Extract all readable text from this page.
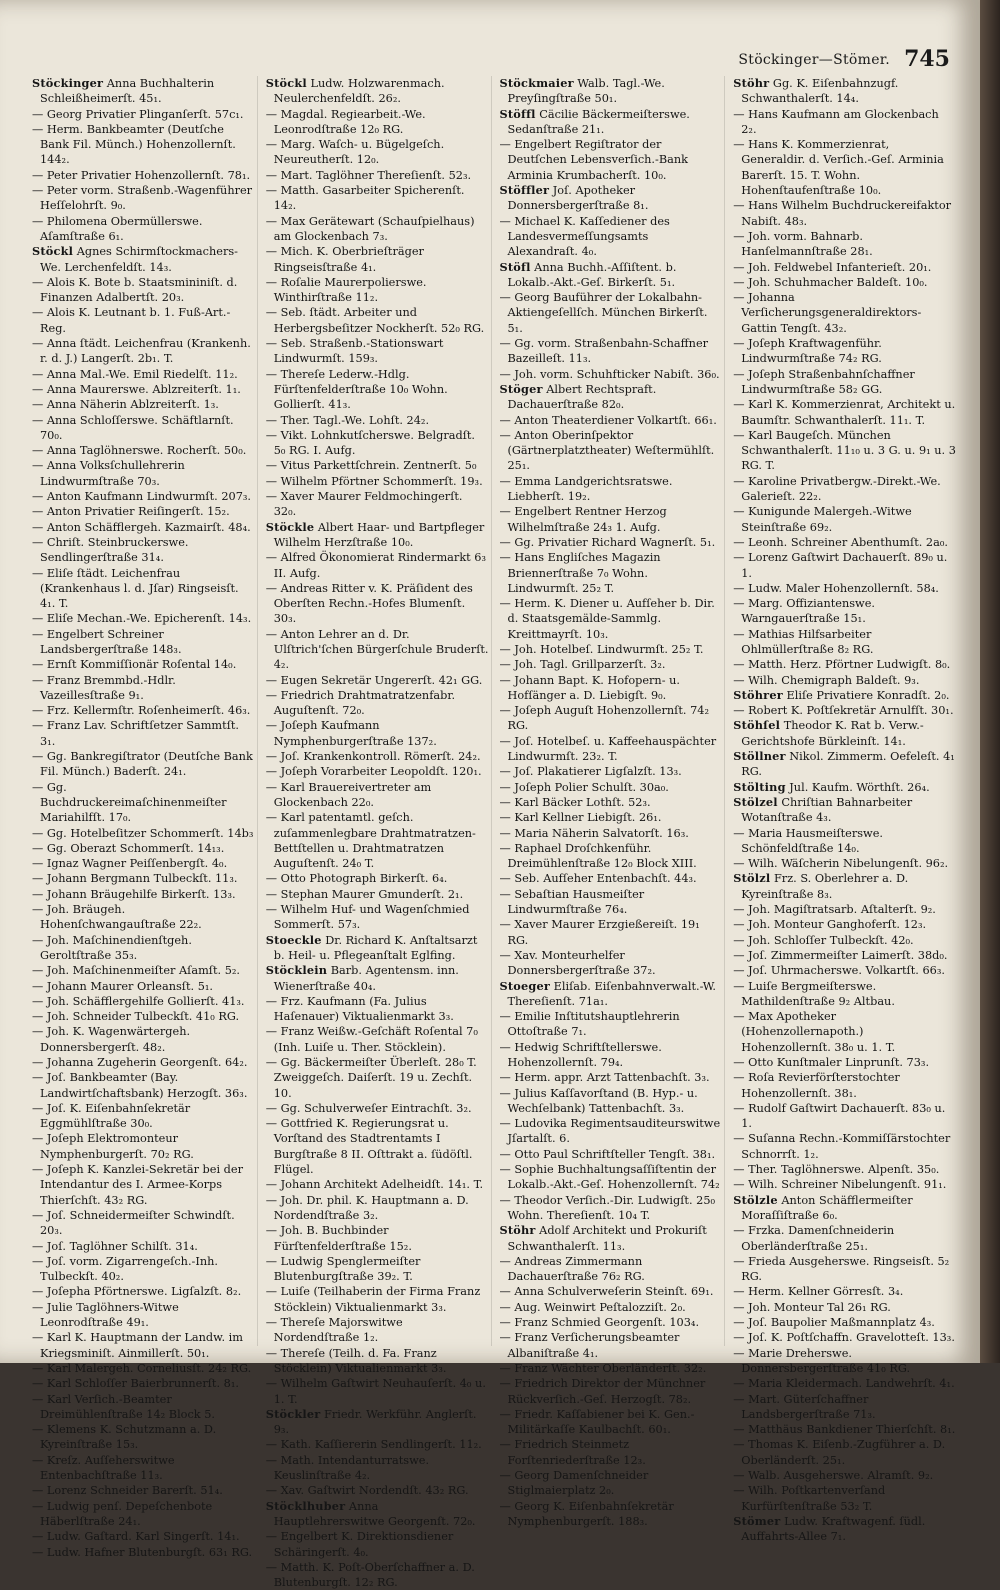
Stöckinger—Stömer. 745

Stöckinger Anna Buchhalterin Schleißheimerſt. 45₁.

— Georg Privatier Plinganſerſt. 57c₁.

— Herm. Bankbeamter (Deutſche Bank Fil. Münch.) Hohenzollernſt. 144₂.

— Peter Privatier Hohenzollernſt. 78₁.

— Peter vorm. Straßenb.-Wagenführer Heſſelohrſt. 9₀.

— Philomena Obermüllerswe. Aſamſtraße 6₁.

Stöckl Agnes Schirmſtockmachers-We. Lerchenfeldſt. 14₃.

— Alois K. Bote b. Staatsmininiſt. d. Finanzen Adalbertſt. 20₃.

— Alois K. Leutnant b. 1. Fuß-Art.-Reg.

— Anna ſtädt. Leichenfrau (Krankenh. r. d. J.) Langerſt. 2b₁. T.

— Anna Mal.-We. Emil Riedelſt. 11₂.

— Anna Maurerswe. Ablzreiterſt. 1₁.

— Anna Näherin Ablzreiterſt. 1₃.

— Anna Schloſſerswe. Schäftlarnſt. 70₀.

— Anna Taglöhnerswe. Rocherſt. 50₀.

— Anna Volksſchullehrerin Lindwurmſtraße 70₃.

— Anton Kaufmann Lindwurmſt. 207₃.

— Anton Privatier Reiſingerſt. 15₂.

— Anton Schäfflergeh. Kazmairſt. 48₄.

— Chriſt. Steinbruckerswe. Sendlingerſtraße 31₄.

— Eliſe ſtädt. Leichenfrau (Krankenhaus l. d. Jſar) Ringseisſt. 4₁. T.

— Eliſe Mechan.-We. Epicherenſt. 14₃.

— Engelbert Schreiner Landsbergerſtraße 148₃.

— Ernſt Kommiſſionär Roſental 14₀.

— Franz Bremmbd.-Hdlr. Vazeillesſtraße 9₁.

— Frz. Kellermſtr. Roſenheimerſt. 46₃.

— Franz Lav. Schriftſetzer Sammtſt. 3₁.

— Gg. Bankregiſtrator (Deutſche Bank Fil. Münch.) Baderſt. 24₁.

— Gg. Buchdruckereimaſchinenmeiſter Mariahilfſt. 17₀.

— Gg. Hotelbeſitzer Schommerſt. 14b₃

— Gg. Oberazt Schommerſt. 14₁₃.

— Ignaz Wagner Peiſſenbergſt. 4₀.

— Johann Bergmann Tulbeckſt. 11₃.

— Johann Bräugehilfe Birkerſt. 13₃.

— Joh. Bräugeh. Hohenſchwangauſtraße 22₂.

— Joh. Maſchinendienſtgeh. Geroltſtraße 35₃.

— Joh. Maſchinenmeiſter Aſamſt. 5₂.

— Johann Maurer Orleansſt. 5₁.

— Joh. Schäfflergehilfe Gollierſt. 41₃.

— Joh. Schneider Tulbeckſt. 41₀ RG.

— Joh. K. Wagenwärtergeh. Donnersbergerſt. 48₂.

— Johanna Zugeherin Georgenſt. 64₂.

— Joſ. Bankbeamter (Bay. Landwirtſchaftsbank) Herzogſt. 36₃.

— Joſ. K. Eiſenbahnſekretär Eggmühlſtraße 30₀.

— Joſeph Elektromonteur Nymphenburgerſt. 70₂ RG.

— Joſeph K. Kanzlei-Sekretär bei der Intendantur des I. Armee-Korps Thierſchſt. 43₂ RG.

— Joſ. Schneidermeiſter Schwindſt. 20₃.

— Joſ. Taglöhner Schilſt. 31₄.

— Joſ. vorm. Zigarrengeſch.-Inh. Tulbeckſt. 40₂.

— Joſepha Pförtnerswe. Ligſalzſt. 8₂.

— Julie Taglöhners-Witwe Leonrodſtraße 49₁.

— Karl K. Hauptmann der Landw. im Kriegsminiſt. Ainmillerſt. 50₁.

— Karl Malergeh. Corneliusſt. 24₂ RG.

— Karl Schloſſer Baierbrunnerſt. 8₁.

— Karl Verſich.-Beamter Dreimühlenſtraße 14₂ Block 5.

— Klemens K. Schutzmann a. D. Kyreinſtraße 15₃.

— Kreſz. Auſſeherswitwe Entenbachſtraße 11₃.

— Lorenz Schneider Barerſt. 51₄.

— Ludwig penſ. Depeſchenbote Häberlſtraße 24₁.

— Ludw. Gaſtard. Karl Singerſt. 14₁.

— Ludw. Hafner Blutenburgſt. 63₁ RG.

Stöckl Ludw. Holzwarenmach. Neulerchenfeldſt. 26₂.

— Magdal. Regiearbeit.-We. Leonrodſtraße 12₀ RG.

— Marg. Waſch- u. Bügelgeſch. Neureutherſt. 12₀.

— Mart. Taglöhner Thereſienſt. 52₃.

— Matth. Gasarbeiter Spicherenſt. 14₂.

— Max Gerätewart (Schauſpielhaus) am Glockenbach 7₃.

— Mich. K. Oberbrieſträger Ringseisſtraße 4₁.

— Roſalie Maurerpolierswe. Winthirſtraße 11₂.

— Seb. ſtädt. Arbeiter und Herbergsbeſitzer Nockherſt. 52₀ RG.

— Seb. Straßenb.-Stationswart Lindwurmſt. 159₃.

— Thereſe Lederw.-Hdlg. Fürſtenfelderſtraße 10₀ Wohn. Gollierſt. 41₃.

— Ther. Tagl.-We. Lohſt. 24₂.

— Vikt. Lohnkutſcherswe. Belgradſt. 5₀ RG. I. Aufg.

— Vitus Parkettſchrein. Zentnerſt. 5₀

— Wilhelm Pförtner Schommerſt. 19₃.

— Xaver Maurer Feldmochingerſt. 32₀.

Stöckle Albert Haar- und Bartpfleger Wilhelm Herzſtraße 10₀.

— Alfred Ökonomierat Rindermarkt 6₃ II. Aufg.

— Andreas Ritter v. K. Präſident des Oberſten Rechn.-Hofes Blumenſt. 30₃.

— Anton Lehrer an d. Dr. Ulſtrich'ſchen Bürgerſchule Bruderſt. 4₂.

— Eugen Sekretär Ungererſt. 42₁ GG.

— Friedrich Drahtmatratzenfabr. Auguſtenſt. 72₀.

— Joſeph Kaufmann Nymphenburgerſtraße 137₂.

— Joſ. Krankenkontroll. Römerſt. 24₂.

— Joſeph Vorarbeiter Leopoldſt. 120₁.

— Karl Brauereivertreter am Glockenbach 22₀.

— Karl patentamtl. geſch. zuſammenlegbare Drahtmatratzen-Bettſtellen u. Drahtmatratzen Auguſtenſt. 24₀ T.

— Otto Photograph Birkerſt. 6₄.

— Stephan Maurer Gmunderſt. 2₁.

— Wilhelm Huf- und Wagenſchmied Sommerſt. 57₃.

Stoeckle Dr. Richard K. Anſtaltsarzt b. Heil- u. Pflegeanſtalt Eglfing.

Stöcklein Barb. Agentensm. inn. Wienerſtraße 40₄.

— Frz. Kaufmann (Fa. Julius Haſenauer) Viktualienmarkt 3₃.

— Franz Weißw.-Geſchäft Roſental 7₀ (Inh. Luiſe u. Ther. Stöcklein).

— Gg. Bäckermeiſter Überleſt. 28₀ T. Zweiggeſch. Daiſerſt. 19 u. Zechſt. 10.

— Gg. Schulverweſer Eintrachſt. 3₂.

— Gottfried K. Regierungsrat u. Vorſtand des Stadtrentamts I Burgſtraße 8 II. Oſttrakt a. ſüdöſtl. Flügel.

— Johann Architekt Adelheidſt. 14₁. T.

— Joh. Dr. phil. K. Hauptmann a. D. Nordendſtraße 3₂.

— Joh. B. Buchbinder Fürſtenfelderſtraße 15₂.

— Ludwig Spenglermeiſter Blutenburgſtraße 39₂. T.

— Luiſe (Teilhaberin der Firma Franz Stöcklein) Viktualienmarkt 3₃.

— Thereſe Majorswitwe Nordendſtraße 1₂.

— Thereſe (Teilh. d. Fa. Franz Stöcklein) Viktualienmarkt 3₃.

— Wilhelm Gaſtwirt Neuhauſerſt. 4₀ u. 1. T.

Stöckler Friedr. Werkführ. Anglerſt. 9₃.

— Kath. Kaſſiererin Sendlingerſt. 11₂.

— Math. Intendanturratswe. Keuslinſtraße 4₂.

— Xav. Gaſtwirt Nordendſt. 43₂ RG.

Stöcklhuber Anna Hauptlehrerswitwe Georgenſt. 72₀.

— Engelbert K. Direktionsdiener Schäringerſt. 4₀.

— Matth. K. Poſt-Oberſchaffner a. D. Blutenburgſt. 12₂ RG.

Stöckmaier Walb. Tagl.-We. Preyſingſtraße 50₁.

Stöffl Cäcilie Bäckermeiſterswe. Sedanſtraße 21₁.

— Engelbert Regiſtrator der Deutſchen Lebensverſich.-Bank Arminia Krumbacherſt. 10₀.

Stöffler Joſ. Apotheker Donnersbergerſtraße 8₁.

— Michael K. Kaſſediener des Landesvermeſſungsamts Alexandraſt. 4₀.

Stöfl Anna Buchh.-Aſſiſtent. b. Lokalb.-Akt.-Geſ. Birkerſt. 5₁.

— Georg Bauführer der Lokalbahn-Aktiengeſellſch. München Birkerſt. 5₁.

— Gg. vorm. Straßenbahn-Schaffner Bazeilleſt. 11₃.

— Joh. vorm. Schuhfticker Nabiſt. 36₀.

Stöger Albert Rechtspraft. Dachauerſtraße 82₀.

— Anton Theaterdiener Volkartſt. 66₁.

— Anton Oberinſpektor (Gärtnerplatztheater) Weſtermühlſt. 25₁.

— Emma Landgerichtsratswe. Liebherſt. 19₂.

— Engelbert Rentner Herzog Wilhelmſtraße 24₃ 1. Aufg.

— Gg. Privatier Richard Wagnerſt. 5₁.

— Hans Engliſches Magazin Briennerſtraße 7₀ Wohn. Lindwurmſt. 25₂ T.

— Herm. K. Diener u. Aufſeher b. Dir. d. Staatsgemälde-Sammlg. Kreittmayrſt. 10₃.

— Joh. Hotelbeſ. Lindwurmſt. 25₂ T.

— Joh. Tagl. Grillparzerſt. 3₂.

— Johann Bapt. K. Hofopern- u. Hofſänger a. D. Liebigſt. 9₀.

— Joſeph Auguſt Hohenzollernſt. 74₂ RG.

— Joſ. Hotelbeſ. u. Kaffeehauspächter Lindwurmſt. 23₂. T.

— Joſ. Plakatierer Ligſalzſt. 13₃.

— Joſeph Polier Schulſt. 30a₀.

— Karl Bäcker Lothſt. 52₃.

— Karl Kellner Liebigſt. 26₁.

— Maria Näherin Salvatorſt. 16₃.

— Raphael Droſchkenführ. Dreimühlenſtraße 12₀ Block XIII.

— Seb. Aufſeher Entenbachſt. 44₃.

— Sebaſtian Hausmeiſter Lindwurmſtraße 76₄.

— Xaver Maurer Erzgießereiſt. 19₁ RG.

— Xav. Monteurhelfer Donnersbergerſtraße 37₂.

Stoeger Eliſab. Eiſenbahnverwalt.-W. Thereſienſt. 71a₁.

— Emilie Inſtitutshauptlehrerin Ottoſtraße 7₁.

— Hedwig Schriftſtellerswe. Hohenzollernſt. 79₄.

— Herm. appr. Arzt Tattenbachſt. 3₃.

— Julius Kaſſavorſtand (B. Hyp.- u. Wechſelbank) Tattenbachſt. 3₃.

— Ludovika Regimentsauditeurswitwe Jſartalſt. 6.

— Otto Paul Schriftſteller Tengſt. 38₁.

— Sophie Buchhaltungsaſſiſtentin der Lokalb.-Akt.-Geſ. Hohenzollernſt. 74₂

— Theodor Verſich.-Dir. Ludwigſt. 25₀ Wohn. Thereſienſt. 10₄ T.

Stöhr Adolf Architekt und Prokuriſt Schwanthalerſt. 11₃.

— Andreas Zimmermann Dachauerſtraße 76₂ RG.

— Anna Schulverweſerin Steinſt. 69₁.

— Aug. Weinwirt Peſtalozziſt. 2₀.

— Franz Schmied Georgenſt. 103₄.

— Franz Verſicherungsbeamter Albaniſtraße 4₁.

— Franz Wächter Oberländerſt. 32₂.

— Friedrich Direktor der Münchner Rückverſich.-Geſ. Herzogſt. 78₂.

— Friedr. Kaſſabiener bei K. Gen.-Militärkaſſe Kaulbachſt. 60₁.

— Friedrich Steinmetz Forſtenriederſtraße 12₃.

— Georg Damenſchneider Stiglmaierplatz 2₀.

— Georg K. Eiſenbahnſekretär Nymphenburgerſt. 188₃.

Stöhr Gg. K. Eiſenbahnzugf. Schwanthalerſt. 14₄.

— Hans Kaufmann am Glockenbach 2₂.

— Hans K. Kommerzienrat, Generaldir. d. Verſich.-Geſ. Arminia Barerſt. 15. T. Wohn. Hohenſtaufenſtraße 10₀.

— Hans Wilhelm Buchdruckereifaktor Nabiſt. 48₃.

— Joh. vorm. Bahnarb. Hanſelmannſtraße 28₁.

— Joh. Feldwebel Infanterieſt. 20₁.

— Joh. Schuhmacher Baldeſt. 10₀.

— Johanna Verſicherungsgeneraldirektors-Gattin Tengſt. 43₂.

— Joſeph Kraftwagenführ. Lindwurmſtraße 74₂ RG.

— Joſeph Straßenbahnſchaffner Lindwurmſtraße 58₂ GG.

— Karl K. Kommerzienrat, Architekt u. Baumſtr. Schwanthalerſt. 11₁. T.

— Karl Baugeſch. München Schwanthalerſt. 11₁₀ u. 3 G. u. 9₁ u. 3 RG. T.

— Karoline Privatbergw.-Direkt.-We. Galerieſt. 22₂.

— Kunigunde Malergeh.-Witwe Steinſtraße 69₂.

— Leonh. Schreiner Abenthumſt. 2a₀.

— Lorenz Gaſtwirt Dachauerſt. 89₀ u. 1.

— Ludw. Maler Hohenzollernſt. 58₄.

— Marg. Offiziantenswe. Warngauerſtraße 15₁.

— Mathias Hilfsarbeiter Ohlmüllerſtraße 8₂ RG.

— Matth. Herz. Pförtner Ludwigſt. 8₀.

— Wilh. Chemigraph Baldeſt. 9₃.

Stöhrer Eliſe Privatiere Konradſt. 2₀.

— Robert K. Poſtſekretär Arnulfſt. 30₁.

Stöhſel Theodor K. Rat b. Verw.-Gerichtshofe Bürkleinſt. 14₁.

Stöllner Nikol. Zimmerm. Oefeleſt. 4₁ RG.

Stölting Jul. Kaufm. Wörthſt. 26₄.

Stölzel Chriſtian Bahnarbeiter Wotanſtraße 4₃.

— Maria Hausmeiſterswe. Schönfeldſtraße 14₀.

— Wilh. Wäſcherin Nibelungenſt. 96₂.

Stölzl Frz. S. Oberlehrer a. D. Kyreinſtraße 8₃.

— Joh. Magiſtratsarb. Aſtalterſt. 9₂.

— Joh. Monteur Ganghoferſt. 12₃.

— Joh. Schloſſer Tulbeckſt. 42₀.

— Joſ. Zimmermeiſter Laimerſt. 38d₀.

— Joſ. Uhrmacherswe. Volkartſt. 66₃.

— Luiſe Bergmeiſterswe. Mathildenſtraße 9₂ Altbau.

— Max Apotheker (Hohenzollernapoth.) Hohenzollernſt. 38₀ u. 1. T.

— Otto Kunſtmaler Linprunſt. 73₃.

— Roſa Revierförſterstochter Hohenzollernſt. 38₁.

— Rudolf Gaſtwirt Dachauerſt. 83₀ u. 1.

— Suſanna Rechn.-Kommiſſärstochter Schnorrſt. 1₂.

— Ther. Taglöhnerswe. Alpenſt. 35₀.

— Wilh. Schreiner Nibelungenſt. 91₁.

Stölzle Anton Schäfflermeiſter Moraſſiſtraße 6₀.

— Frzka. Damenſchneiderin Oberländerſtraße 25₁.

— Frieda Ausgeherswe. Ringseisſt. 5₂ RG.

— Herm. Kellner Görresſt. 3₄.

— Joh. Monteur Tal 26₁ RG.

— Joſ. Baupolier Maßmannplatz 4₃.

— Joſ. K. Poſtſchaffn. Gravelotteſt. 13₃.

— Marie Dreherswe. Donnersbergerſtraße 41₀ RG.

— Maria Kleidermach. Landwehrſt. 4₁.

— Mart. Güterſchaffner Landsbergerſtraße 71₃.

— Matthäus Bankdiener Thierſchſt. 8₁.

— Thomas K. Eiſenb.-Zugführer a. D. Oberländerſt. 25₁.

— Walb. Ausgeherswe. Alramſt. 9₂.

— Wilh. Poſtkartenverſand Kurfürſtenſtraße 53₂ T.

Stömer Ludw. Kraftwagenf. ſüdl. Auffahrts-Allee 7₁.
